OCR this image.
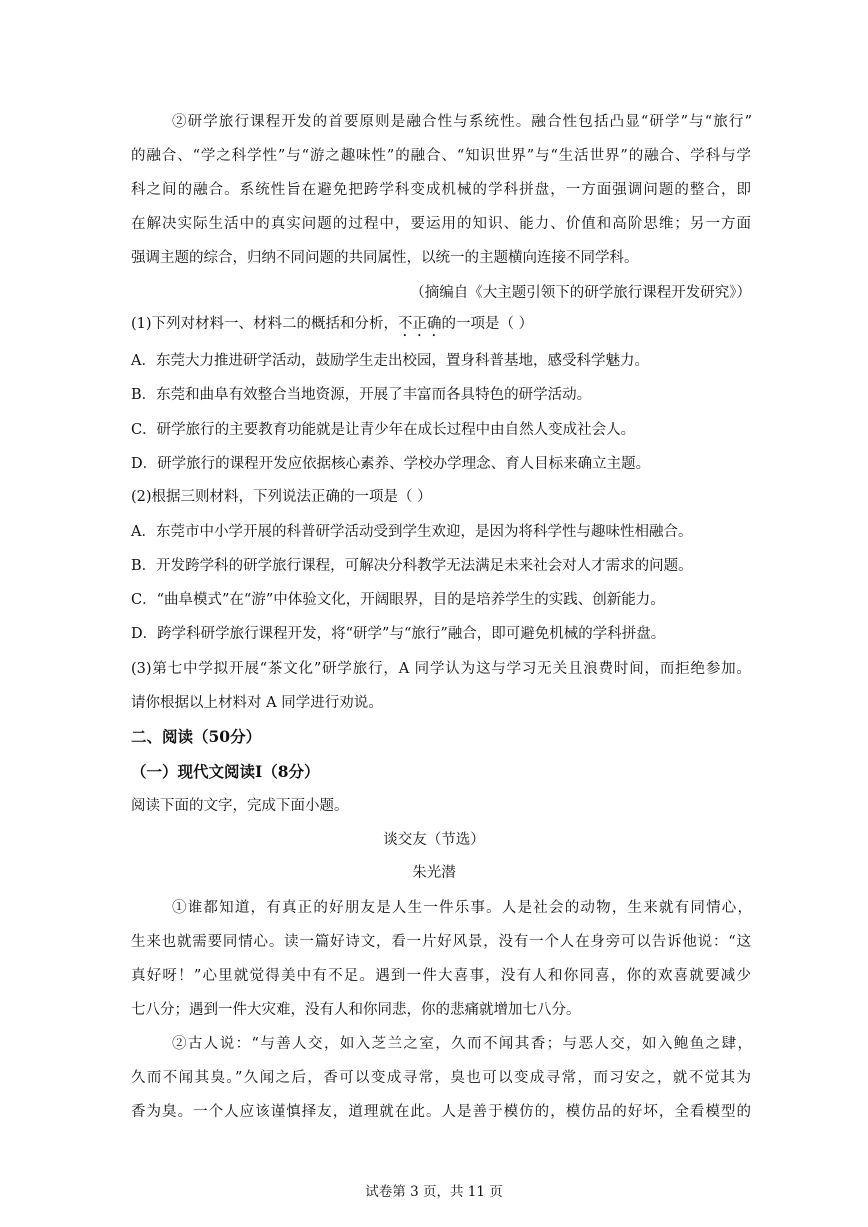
②研学旅行课程开发的首要原则是融合性与系统性。融合性包括凸显“研学”与“旅行”
的融合、“学之科学性”与“游之趣味性”的融合、“知识世界”与“生活世界”的融合、学科与学
科之间的融合。系统性旨在避免把跨学科变成机械的学科拼盘，一方面强调问题的整合，即
在解决实际生活中的真实问题的过程中，要运用的知识、能力、价值和高阶思维；另一方面
强调主题的综合，归纳不同问题的共同属性，以统一的主题横向连接不同学科。
（摘编自《大主题引领下的研学旅行课程开发研究》）
(1)下列对材料一、材料二的概括和分析，不正确的一项是（ ）
A．东莞大力推进研学活动，鼓励学生走出校园，置身科普基地，感受科学魅力。
B．东莞和曲阜有效整合当地资源，开展了丰富而各具特色的研学活动。
C．研学旅行的主要教育功能就是让青少年在成长过程中由自然人变成社会人。
D．研学旅行的课程开发应依据核心素养、学校办学理念、育人目标来确立主题。
(2)根据三则材料，下列说法正确的一项是（ ）
A．东莞市中小学开展的科普研学活动受到学生欢迎，是因为将科学性与趣味性相融合。
B．开发跨学科的研学旅行课程，可解决分科教学无法满足未来社会对人才需求的问题。
C．“曲阜模式”在“游”中体验文化，开阔眼界，目的是培养学生的实践、创新能力。
D．跨学科研学旅行课程开发，将“研学”与“旅行”融合，即可避免机械的学科拼盘。
(3)第七中学拟开展“茶文化”研学旅行，A 同学认为这与学习无关且浪费时间，而拒绝参加。
请你根据以上材料对 A 同学进行劝说。
二、阅读（50分）
（一）现代文阅读Ⅰ（8分）
阅读下面的文字，完成下面小题。
谈交友（节选）
朱光潜
①谁都知道，有真正的好朋友是人生一件乐事。人是社会的动物，生来就有同情心，
生来也就需要同情心。读一篇好诗文，看一片好风景，没有一个人在身旁可以告诉他说：“这
真好呀！”心里就觉得美中有不足。遇到一件大喜事，没有人和你同喜，你的欢喜就要减少
七八分；遇到一件大灾难，没有人和你同悲，你的悲痛就增加七八分。
②古人说：“与善人交，如入芝兰之室，久而不闻其香；与恶人交，如入鲍鱼之肆，
久而不闻其臭。”久闻之后，香可以变成寻常，臭也可以变成寻常，而习安之，就不觉其为
香为臭。一个人应该谨慎择友，道理就在此。人是善于模仿的，模仿品的好坏，全看模型的
试卷第 3 页，共 11 页
